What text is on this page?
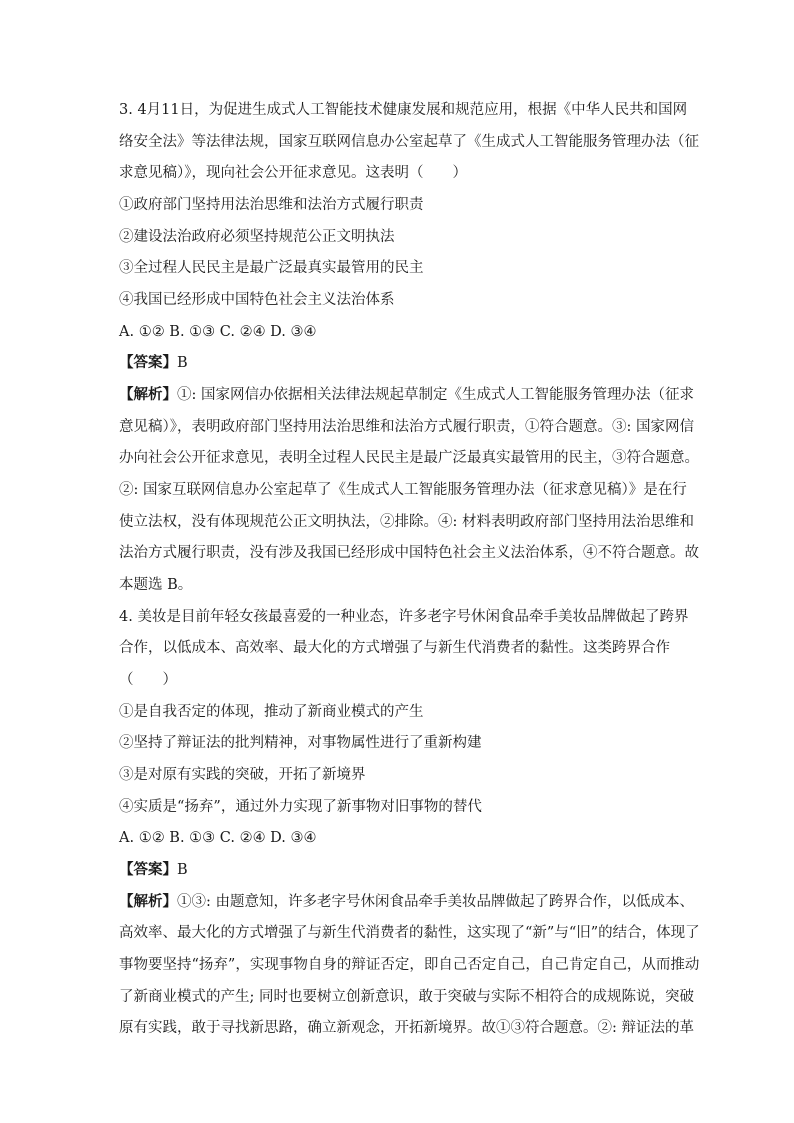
3. 4月11日，为促进生成式人工智能技术健康发展和规范应用，根据《中华人民共和国网
络安全法》等法律法规，国家互联网信息办公室起草了《生成式人工智能服务管理办法（征
求意见稿）》，现向社会公开征求意见。这表明（　　）
①政府部门坚持用法治思维和法治方式履行职责
②建设法治政府必须坚持规范公正文明执法
③全过程人民民主是最广泛最真实最管用的民主
④我国已经形成中国特色社会主义法治体系
A. ①② B. ①③ C. ②④ D. ③④
【答案】B
【解析】①: 国家网信办依据相关法律法规起草制定《生成式人工智能服务管理办法（征求
意见稿）》，表明政府部门坚持用法治思维和法治方式履行职责，①符合题意。③: 国家网信
办向社会公开征求意见，表明全过程人民民主是最广泛最真实最管用的民主，③符合题意。
②: 国家互联网信息办公室起草了《生成式人工智能服务管理办法（征求意见稿）》是在行
使立法权，没有体现规范公正文明执法，②排除。④: 材料表明政府部门坚持用法治思维和
法治方式履行职责，没有涉及我国已经形成中国特色社会主义法治体系，④不符合题意。故
本题选 B。
4. 美妆是目前年轻女孩最喜爱的一种业态，许多老字号休闲食品牵手美妆品牌做起了跨界
合作，以低成本、高效率、最大化的方式增强了与新生代消费者的黏性。这类跨界合作
（　　）
①是自我否定的体现，推动了新商业模式的产生
②坚持了辩证法的批判精神，对事物属性进行了重新构建
③是对原有实践的突破，开拓了新境界
④实质是“扬弃”，通过外力实现了新事物对旧事物的替代
A. ①② B. ①③ C. ②④ D. ③④
【答案】B
【解析】①③: 由题意知，许多老字号休闲食品牵手美妆品牌做起了跨界合作，以低成本、
高效率、最大化的方式增强了与新生代消费者的黏性，这实现了“新”与“旧”的结合，体现了
事物要坚持“扬弃”，实现事物自身的辩证否定，即自己否定自己，自己肯定自己，从而推动
了新商业模式的产生; 同时也要树立创新意识，敢于突破与实际不相符合的成规陈说，突破
原有实践，敢于寻找新思路，确立新观念，开拓新境界。故①③符合题意。②: 辩证法的革
